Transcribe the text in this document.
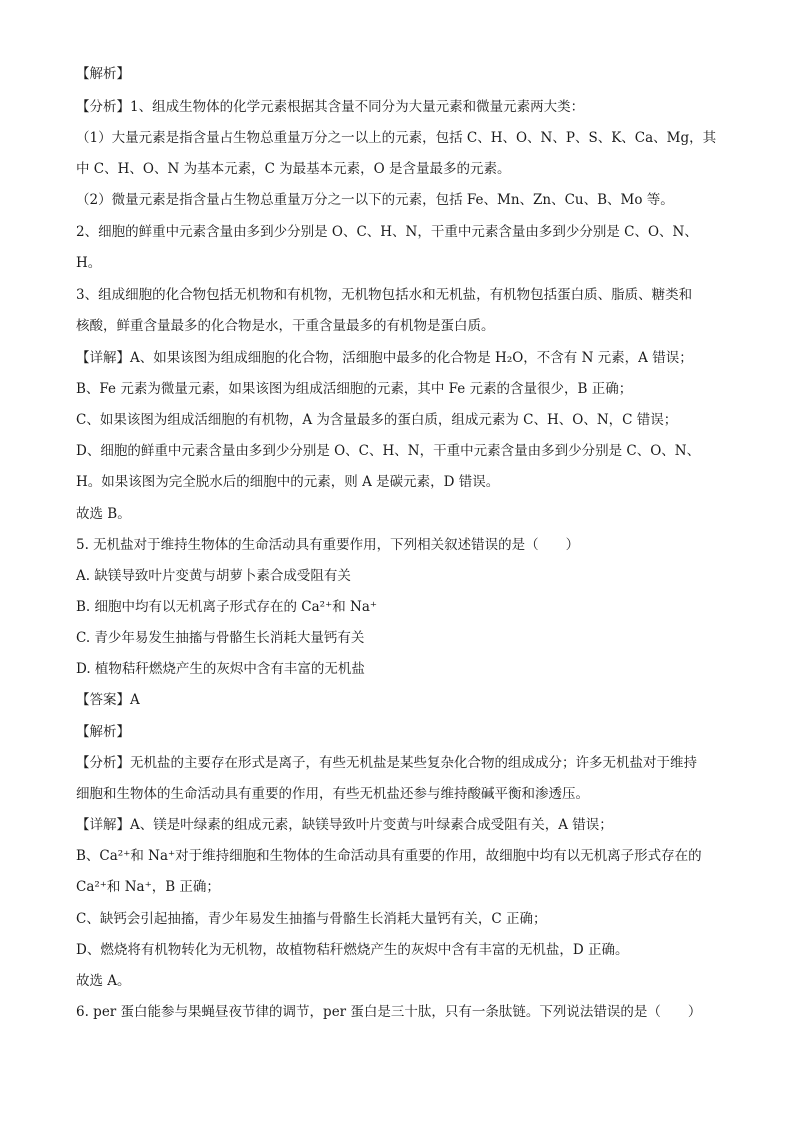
【解析】
【分析】1、组成生物体的化学元素根据其含量不同分为大量元素和微量元素两大类：
（1）大量元素是指含量占生物总重量万分之一以上的元素，包括 C、H、O、N、P、S、K、Ca、Mg，其
中 C、H、O、N 为基本元素，C 为最基本元素，O 是含量最多的元素。
（2）微量元素是指含量占生物总重量万分之一以下的元素，包括 Fe、Mn、Zn、Cu、B、Mo 等。
2、细胞的鲜重中元素含量由多到少分别是 O、C、H、N，干重中元素含量由多到少分别是 C、O、N、
H。
3、组成细胞的化合物包括无机物和有机物，无机物包括水和无机盐，有机物包括蛋白质、脂质、糖类和
核酸，鲜重含量最多的化合物是水，干重含量最多的有机物是蛋白质。
【详解】A、如果该图为组成细胞的化合物，活细胞中最多的化合物是 H₂O，不含有 N 元素，A 错误；
B、Fe 元素为微量元素，如果该图为组成活细胞的元素，其中 Fe 元素的含量很少，B 正确；
C、如果该图为组成活细胞的有机物，A 为含量最多的蛋白质，组成元素为 C、H、O、N，C 错误；
D、细胞的鲜重中元素含量由多到少分别是 O、C、H、N，干重中元素含量由多到少分别是 C、O、N、
H。如果该图为完全脱水后的细胞中的元素，则 A 是碳元素，D 错误。
故选 B。
5. 无机盐对于维持生物体的生命活动具有重要作用，下列相关叙述错误的是（　　）
A. 缺镁导致叶片变黄与胡萝卜素合成受阻有关
B. 细胞中均有以无机离子形式存在的 Ca²⁺和 Na⁺
C. 青少年易发生抽搐与骨骼生长消耗大量钙有关
D. 植物秸秆燃烧产生的灰烬中含有丰富的无机盐
【答案】A
【解析】
【分析】无机盐的主要存在形式是离子，有些无机盐是某些复杂化合物的组成成分；许多无机盐对于维持
细胞和生物体的生命活动具有重要的作用，有些无机盐还参与维持酸碱平衡和渗透压。
【详解】A、镁是叶绿素的组成元素，缺镁导致叶片变黄与叶绿素合成受阻有关，A 错误；
B、Ca²⁺和 Na⁺对于维持细胞和生物体的生命活动具有重要的作用，故细胞中均有以无机离子形式存在的
Ca²⁺和 Na⁺，B 正确；
C、缺钙会引起抽搐，青少年易发生抽搐与骨骼生长消耗大量钙有关，C 正确；
D、燃烧将有机物转化为无机物，故植物秸秆燃烧产生的灰烬中含有丰富的无机盐，D 正确。
故选 A。
6. per 蛋白能参与果蝇昼夜节律的调节，per 蛋白是三十肽，只有一条肽链。下列说法错误的是（　　）
